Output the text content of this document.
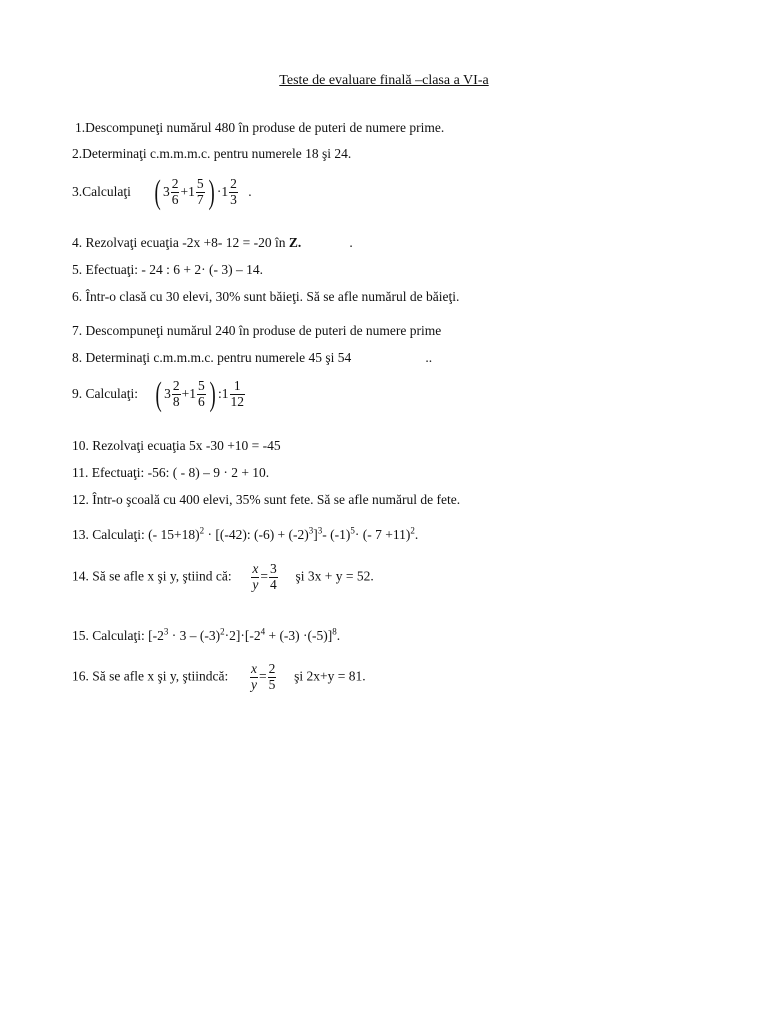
Teste de evaluare finală –clasa a VI-a
1.Descompuneţi numărul 480 în produse de puteri de numere prime.
2.Determinaţi c.m.m.m.c. pentru numerele 18 şi 24.
3.Calculaţi ( $3 \frac{2}{6} + 1 \frac{5}{7}$ ) · $1 \frac{2}{3}$ .
4. Rezolvaţi ecuaţia -2x +8- 12 = -20 în Z.	.
5. Efectuaţi: - 24 : 6 + 2· (- 3) – 14.
6. Într-o clasă cu 30 elevi, 30% sunt băieţi. Să se afle numărul de băieţi.
7. Descompuneţi numărul 240 în produse de puteri de numere prime
8. Determinaţi c.m.m.m.c. pentru numerele 45 şi 54	..
9. Calculaţi: ( $3 \frac{2}{8} + 1 \frac{5}{6}$ ) : $1 \frac{1}{12}$
10. Rezolvaţi ecuaţia 5x -30 +10 = -45
11. Efectuaţi: -56: ( - 8) – 9 · 2 + 10.
12. Într-o şcoală cu 400 elevi, 35% sunt fete. Să se afle numărul de fete.
13. Calculaţi: (- 15+18)$^2$ · [(-42): $(-6) + (-2)^3]^3-$ $(-1)^5\cdot$ (- 7 +11)$^2$.
14. Să se afle x şi y, ştiind că: $\frac{x}{y} = \frac{3}{4}$ şi 3x + y = 52.
15. Calculaţi: $[-2^3 \cdot 3 - (-3)^2\cdot 2]\cdot[-2^4 + (-3) \cdot(-5)]^8$.
16. Să se afle x şi y, ştiindcă: $\frac{x}{y} = \frac{2}{5}$ şi 2x+y = 81.
